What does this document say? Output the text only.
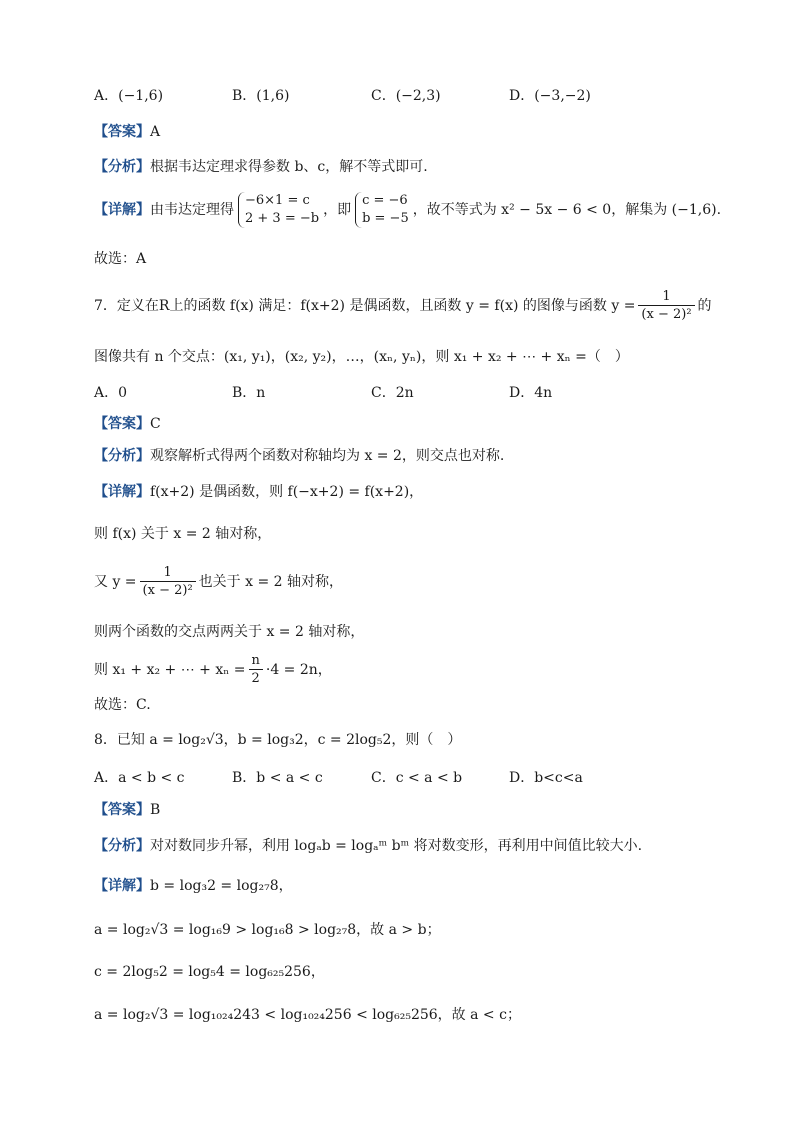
A．(−1,6)	B．(1,6)	C．(−2,3)	D．(−3,−2)
【答案】A
【分析】根据韦达定理求得参数 b、c，解不等式即可.
【详解】由韦达定理得
−6×1 = c
2 + 3 = −b
，即
c = −6
b = −5
，故不等式为 x² − 5x − 6 < 0，解集为 (−1,6).
故选：A
7．定义在R上的函数 f(x) 满足：f(x+2) 是偶函数，且函数 y = f(x) 的图像与函数 $y = \frac{1}{\text{(x − 2)²}}$ 的
图像共有 n 个交点：(x₁, y₁)，(x₂, y₂)，…，(xₙ, yₙ)，则 x₁ + x₂ + ⋯ + xₙ =（　）
A．0	B．n	C．2n	D．4n
【答案】C
【分析】观察解析式得两个函数对称轴均为 x = 2，则交点也对称.
【详解】f(x+2) 是偶函数，则 f(−x+2) = f(x+2)，
则 f(x) 关于 x = 2 轴对称，
又 $y = \frac{1}{\text{(x − 2)²}}$ 也关于 x = 2 轴对称，
则两个函数的交点两两关于 x = 2 轴对称，
则 x₁ + x₂ + ⋯ + $x_n = \frac{n}{2} \cdot 4 = 2n$，
故选：C.
8．已知 a = log₂√3，b = log₃2，c = 2log₅2，则（　）
A．a < b < c	B．b < a < c	C．c < a < b	D．b<c<a
【答案】B
【分析】对对数同步升幂，利用 logₐb = logₐᵐ bᵐ 将对数变形，再利用中间值比较大小.
【详解】b = log₃2 = log₂₇8，
a = log₂√3 = log₁₆9 > log₁₆8 > log₂₇8，故 a > b；
c = 2log₅2 = log₅4 = log₆₂₅256，
a = log₂√3 = log₁₀₂₄243 < log₁₀₂₄256 < log₆₂₅256，故 a < c；
